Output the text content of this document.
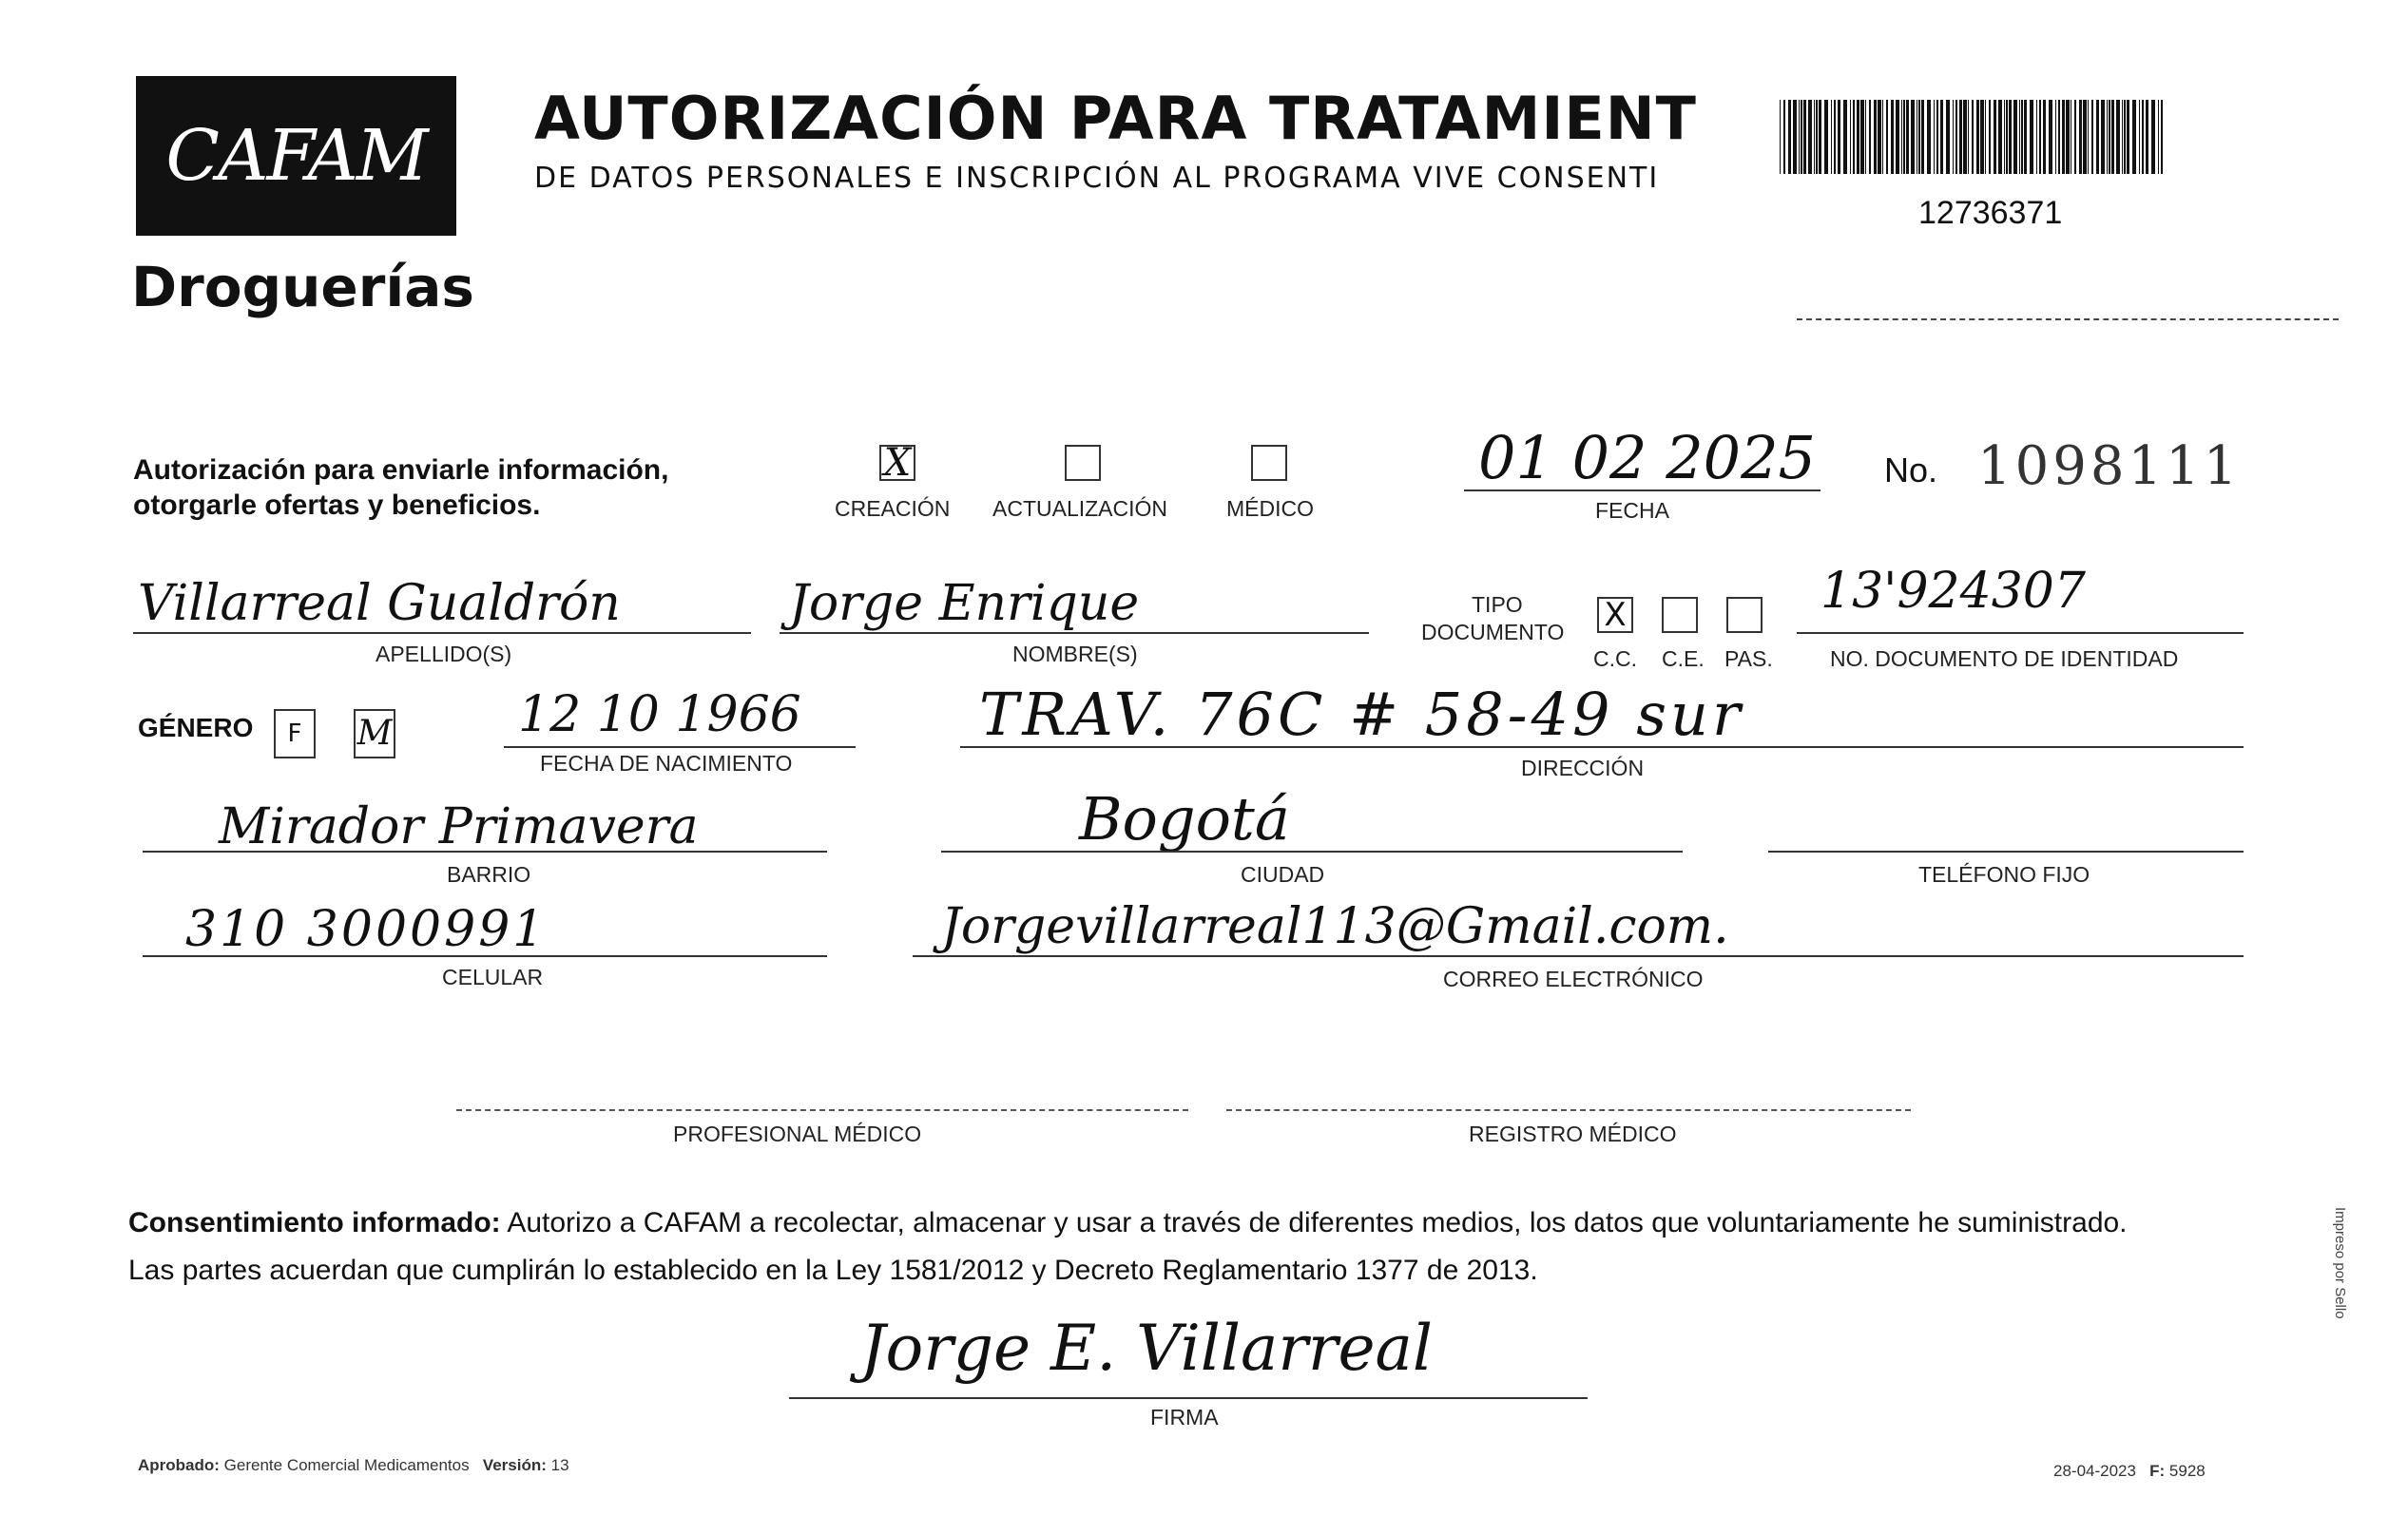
CAFAM
Droguerías
AUTORIZACIÓN PARA TRATAMIENT
DE DATOS PERSONALES E INSCRIPCIÓN AL PROGRAMA VIVE CONSENTI
12736371
Autorización para enviarle información,
otorgarle ofertas y beneficios.
X
CREACIÓN ACTUALIZACIÓN	MÉDICO
01 02 2025
FECHA
No. 1098111
Villarreal Gualdrón
APELLIDO(S)
Jorge Enrique
NOMBRE(S)
TIPO
DOCUMENTO X
C.C. C.E. PAS.
13'924307
NO. DOCUMENTO DE IDENTIDAD
GÉNERO	F	M	12 10 1966
FECHA DE NACIMIENTO
TRAV. 76C # 58-49 sur
DIRECCIÓN
Mirador Primavera
BARRIO
Bogotá
CIUDAD	TELÉFONO FIJO
310 3000991
CELULAR
Jorgevillarreal113@Gmail.com.
CORREO ELECTRÓNICO
PROFESIONAL MÉDICO	REGISTRO MÉDICO
Consentimiento informado: Autorizo a CAFAM a recolectar, almacenar y usar a través de diferentes medios, los datos que voluntariamente he suministrado.
Las partes acuerdan que cumplirán lo establecido en la Ley 1581/2012 y Decreto Reglamentario 1377 de 2013.
Jorge E. Villarreal
FIRMA
Aprobado: Gerente Comercial Medicamentos Versión: 13	28-04-2023 F: 5928
Impreso por Sello
